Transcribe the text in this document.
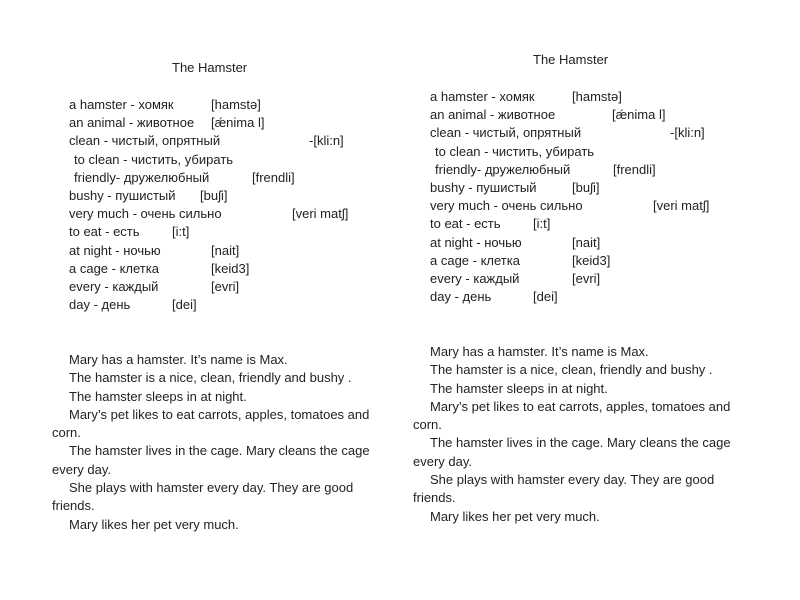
The Hamster
a hamster - хомяк	[hamstə]
an animal - животное [ǽnima l]
clean - чистый, опрятный	-[kli:n]
to clean - чистить, убирать
friendly- дружелюбный	[frendli]
bushy - пушистый [buʃi]
very much - очень сильно	[veri matʃ]
to eat - есть [i:t]
at night - ночью	[nait]
a cage - клетка	[keid3]
every - каждый	[evri]
day - день	[dei]

Mary has a hamster. It’s name is Max.

The hamster is a nice, clean, friendly and bushy .

The hamster sleeps in at night.

Mary’s pet likes to eat carrots, apples, tomatoes and corn.

The hamster lives in the cage. Mary cleans the cage every day.

She plays with hamster every day. They are good friends.

Mary likes her pet very much.

The Hamster
a hamster - хомяк	[hamstə]
an animal - животное	[ǽnima l]
clean - чистый, опрятный	-[kli:n]
to clean - чистить, убирать
friendly- дружелюбный	[frendli]
bushy - пушистый	[buʃi]
very much - очень сильно	[veri matʃ]
to eat - есть [i:t]
at night - ночью	[nait]
a cage - клетка	[keid3]
every - каждый	[evri]
day - день	[dei]

Mary has a hamster. It’s name is Max.

The hamster is a nice, clean, friendly and bushy .

The hamster sleeps in at night.

Mary’s pet likes to eat carrots, apples, tomatoes and corn.

The hamster lives in the cage. Mary cleans the cage every day.

She plays with hamster every day. They are good friends.

Mary likes her pet very much.
